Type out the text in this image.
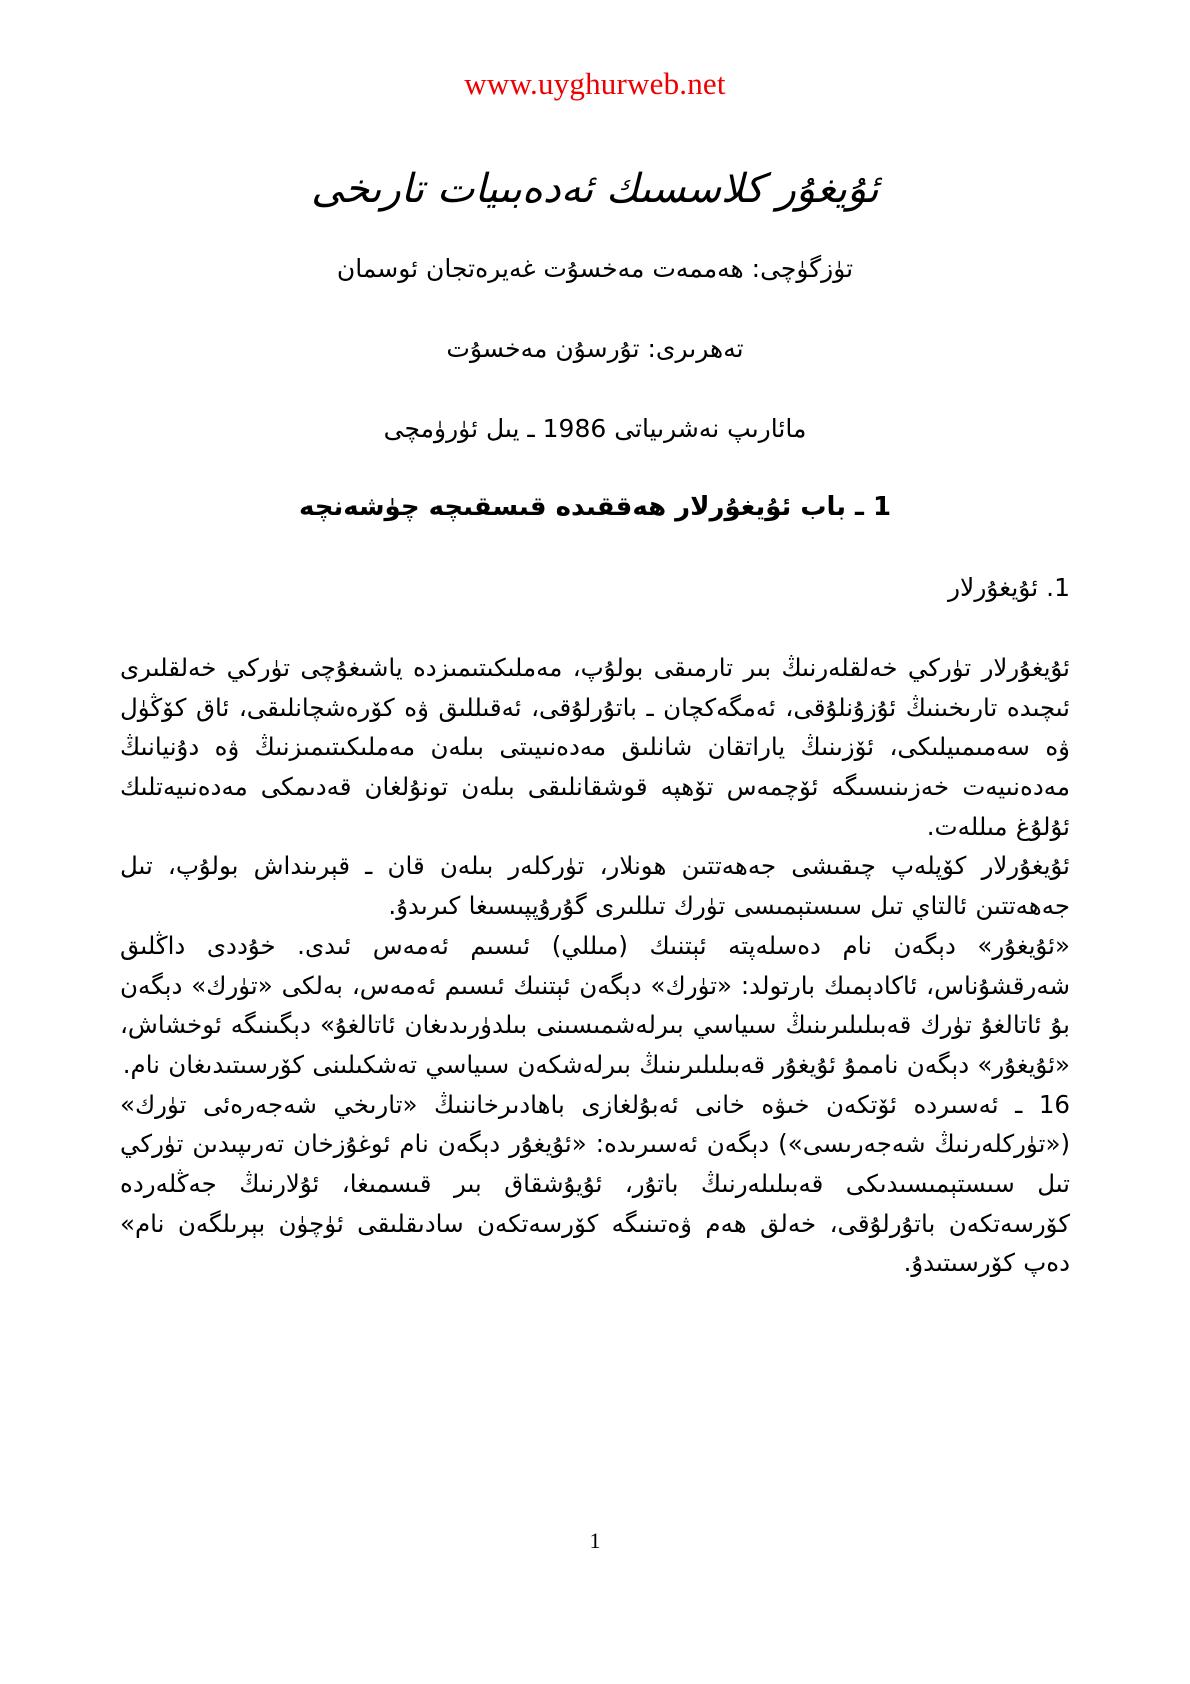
www.uyghurweb.net
ئۇيغۇر كلاسسىك ئەدەبىيات تارىخى
تۈزگۈچى: ھەممەت مەخسۇت غەيرەتجان ئوسمان
تەھرىرى: تۇرسۇن مەخسۇت
مائارىپ نەشرىياتى 1986 ـ يىل ئۈرۈمچى
1 ـ باب ئۇيغۇرلار ھەققىدە قىسقىچە چۈشەنچە
1. ئۇيغۇرلار

ئۇيغۇرلار تۈركي خەلقلەرنىڭ بىر تارمىقى بولۇپ، مەملىكىتىمىزدە ياشىغۇچى تۈركي خەلقلىرى ئىچىدە تارىخىنىڭ ئۇزۇنلۇقى، ئەمگەكچان ـ باتۇرلۇقى، ئەقىللىق ۋە كۆرەشچانلىقى، ئاق كۆڭۈل ۋە سەمىمىيلىكى، ئۆزىنىڭ ياراتقان شانلىق مەدەنىيىتى بىلەن مەملىكىتىمىزنىڭ ۋە دۇنيانىڭ مەدەنىيەت خەزىنىسىگە ئۆچمەس تۆھپە قوشقانلىقى بىلەن تونۇلغان قەدىمكى مەدەنىيەتلىك ئۇلۇغ مىللەت.

ئۇيغۇرلار كۆپلەپ چىقىشى جەھەتتىن ھونلار، تۈركلەر بىلەن قان ـ قېرىنداش بولۇپ، تىل جەھەتتىن ئالتاي تىل سىستېمىسى تۈرك تىللىرى گۇرۇپپىسىغا كىرىدۇ.

«ئۇيغۇر» دېگەن نام دەسلەپتە ئېتنىك (مىللي) ئىسىم ئەمەس ئىدى. خۇددى داڭلىق شەرقشۇناس، ئاكادېمىك بارتولد: «تۈرك» دېگەن ئېتنىك ئىسىم ئەمەس، بەلكى «تۈرك» دېگەن بۇ ئاتالغۇ تۈرك قەبىلىلىرىنىڭ سىياسي بىرلەشمىسىنى بىلدۈرىدىغان ئاتالغۇ» دېگىنىگە ئوخشاش، «ئۇيغۇر» دېگەن ناممۇ ئۇيغۇر قەبىلىلىرىنىڭ بىرلەشكەن سىياسي تەشكىلىنى كۆرسىتىدىغان نام.

16 ـ ئەسىردە ئۆتكەن خىۋە خانى ئەبۇلغازى باھادىرخاننىڭ «تارىخي شەجەرەئى تۈرك» («تۈركلەرنىڭ شەجەرىسى») دېگەن ئەسىرىدە: «ئۇيغۇر دېگەن نام ئوغۇزخان تەرىپىدىن تۈركي تىل سىستېمىسىدىكى قەبىلىلەرنىڭ باتۇر، ئۇيۇشقاق بىر قىسمىغا، ئۇلارنىڭ جەڭلەردە كۆرسەتكەن باتۇرلۇقى، خەلق ھەم ۋەتىنىگە كۆرسەتكەن سادىقلىقى ئۈچۈن بېرىلگەن نام» دەپ كۆرسىتىدۇ.

1
